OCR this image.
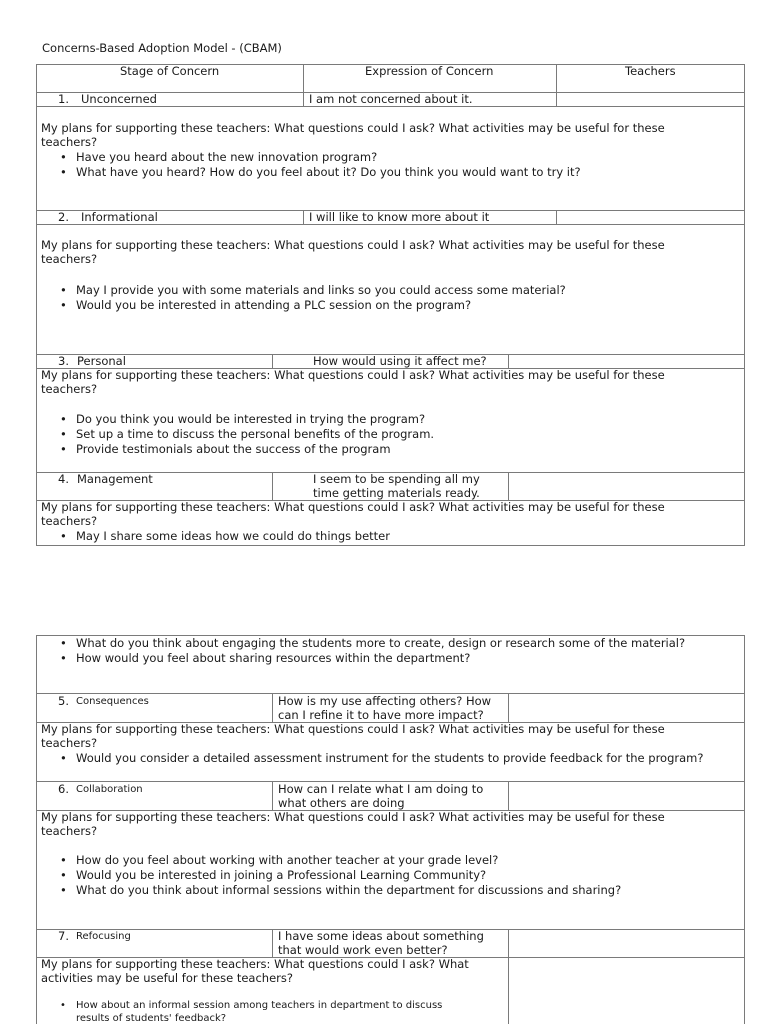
Concerns-Based Adoption Model - (CBAM)
Stage of Concern	Expression of Concern	Teachers
1. Unconcerned	I am not concerned about it.
My plans for supporting these teachers: What questions could I ask? What activities may be useful for these
teachers?
• Have you heard about the new innovation program?
• What have you heard? How do you feel about it? Do you think you would want to try it?
2. Informational	I will like to know more about it
My plans for supporting these teachers: What questions could I ask? What activities may be useful for these
teachers?
• May I provide you with some materials and links so you could access some material?
• Would you be interested in attending a PLC session on the program?
3. Personal	How would using it affect me?
My plans for supporting these teachers: What questions could I ask? What activities may be useful for these
teachers?
• Do you think you would be interested in trying the program?
• Set up a time to discuss the personal benefits of the program.
• Provide testimonials about the success of the program
4. Management	I seem to be spending all my
time getting materials ready.
My plans for supporting these teachers: What questions could I ask? What activities may be useful for these
teachers?
• May I share some ideas how we could do things better
• What do you think about engaging the students more to create, design or research some of the material?
• How would you feel about sharing resources within the department?
5. Consequences	How is my use affecting others? How
can I refine it to have more impact?
My plans for supporting these teachers: What questions could I ask? What activities may be useful for these
teachers?
• Would you consider a detailed assessment instrument for the students to provide feedback for the program?
6. Collaboration	How can I relate what I am doing to
what others are doing
My plans for supporting these teachers: What questions could I ask? What activities may be useful for these
teachers?
• How do you feel about working with another teacher at your grade level?
• Would you be interested in joining a Professional Learning Community?
• What do you think about informal sessions within the department for discussions and sharing?
7. Refocusing	I have some ideas about something
that would work even better?
My plans for supporting these teachers: What questions could I ask? What
activities may be useful for these teachers?
• How about an informal session among teachers in department to discuss
results of students' feedback?
